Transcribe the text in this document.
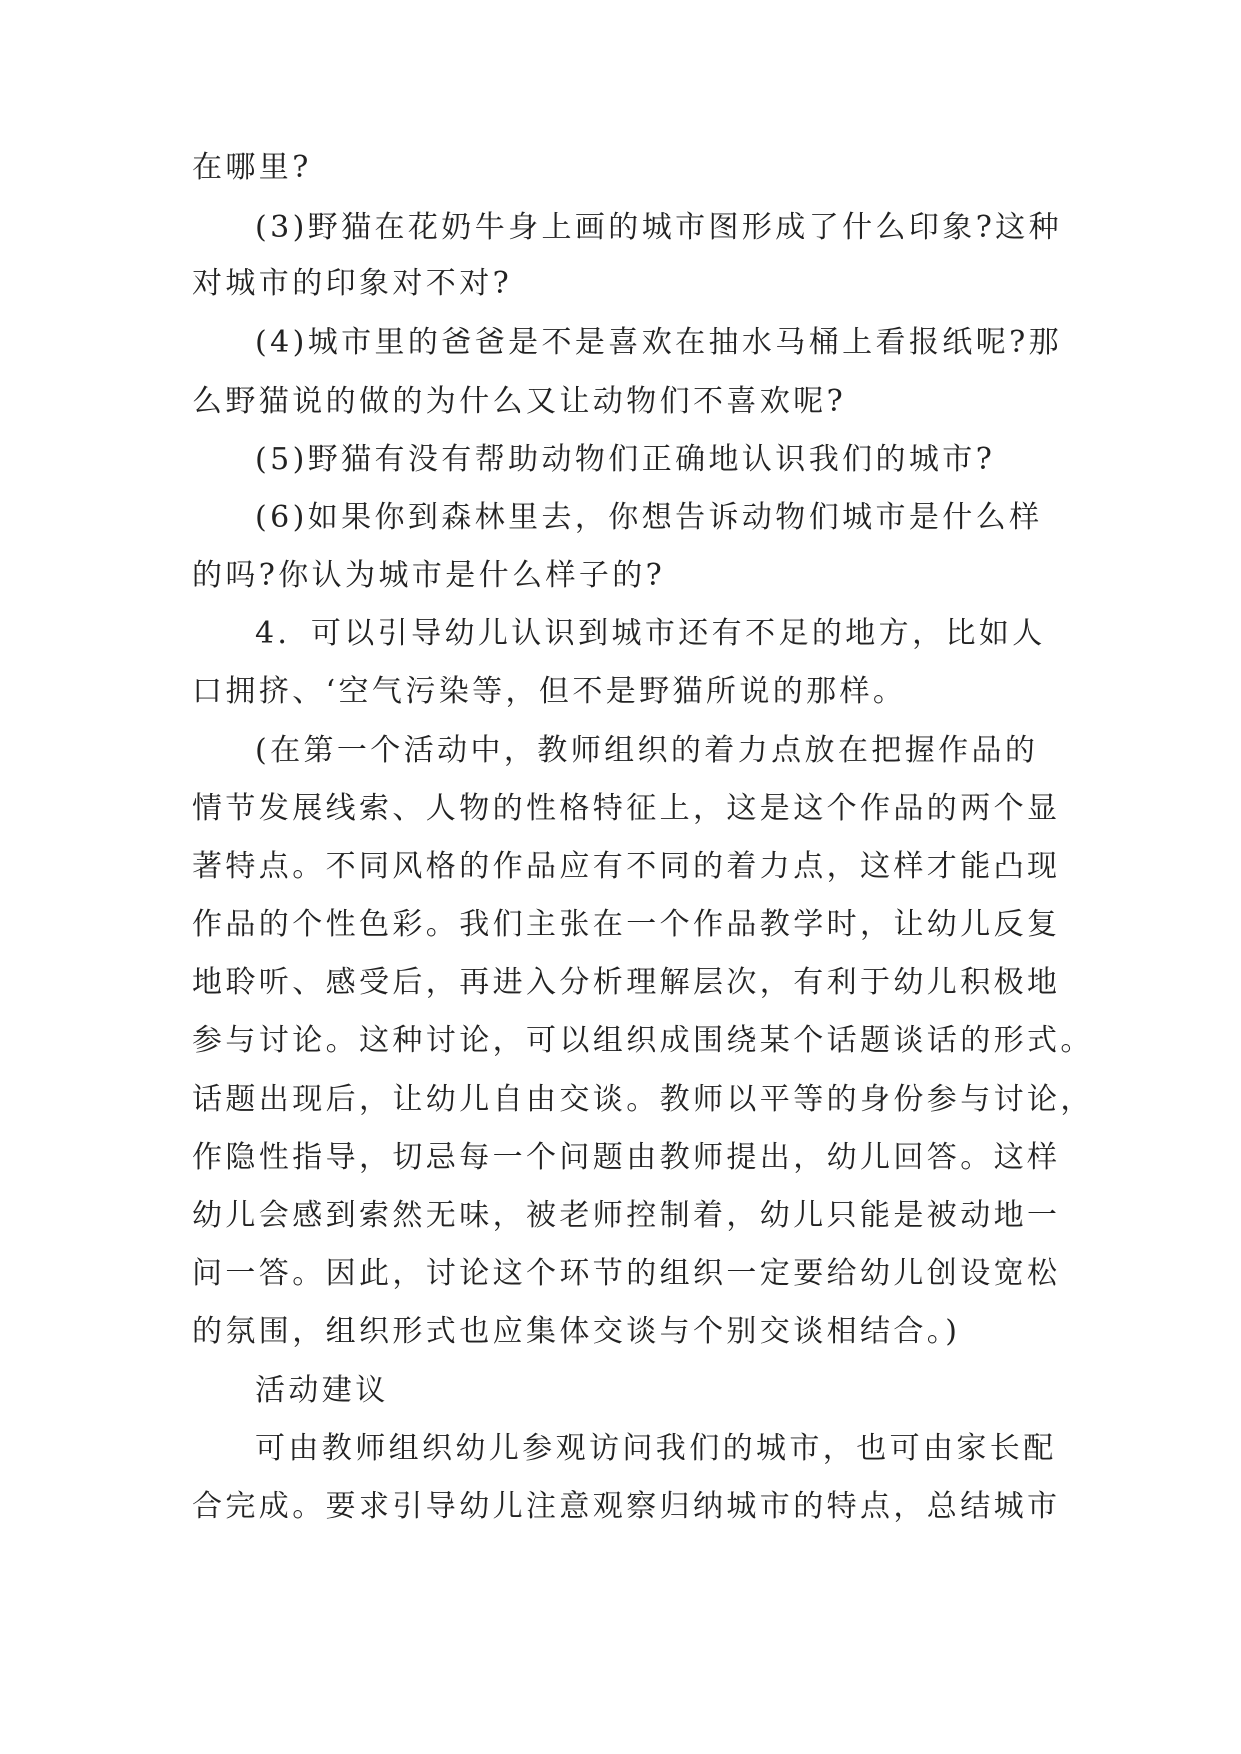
在哪里?
(3)野猫在花奶牛身上画的城市图形成了什么印象?这种
对城市的印象对不对?
(4)城市里的爸爸是不是喜欢在抽水马桶上看报纸呢?那
么野猫说的做的为什么又让动物们不喜欢呢?
(5)野猫有没有帮助动物们正确地认识我们的城市?
(6)如果你到森林里去，你想告诉动物们城市是什么样
的吗?你认为城市是什么样子的?
4．可以引导幼儿认识到城市还有不足的地方，比如人
口拥挤、‘空气污染等，但不是野猫所说的那样。
(在第一个活动中，教师组织的着力点放在把握作品的
情节发展线索、人物的性格特征上，这是这个作品的两个显
著特点。不同风格的作品应有不同的着力点，这样才能凸现
作品的个性色彩。我们主张在一个作品教学时，让幼儿反复
地聆听、感受后，再进入分析理解层次，有利于幼儿积极地
参与讨论。这种讨论，可以组织成围绕某个话题谈话的形式。
话题出现后，让幼儿自由交谈。教师以平等的身份参与讨论，
作隐性指导，切忌每一个问题由教师提出，幼儿回答。这样
幼儿会感到索然无味，被老师控制着，幼儿只能是被动地一
问一答。因此，讨论这个环节的组织一定要给幼儿创设宽松
的氛围，组织形式也应集体交谈与个别交谈相结合。)
活动建议
可由教师组织幼儿参观访问我们的城市，也可由家长配
合完成。要求引导幼儿注意观察归纳城市的特点，总结城市
